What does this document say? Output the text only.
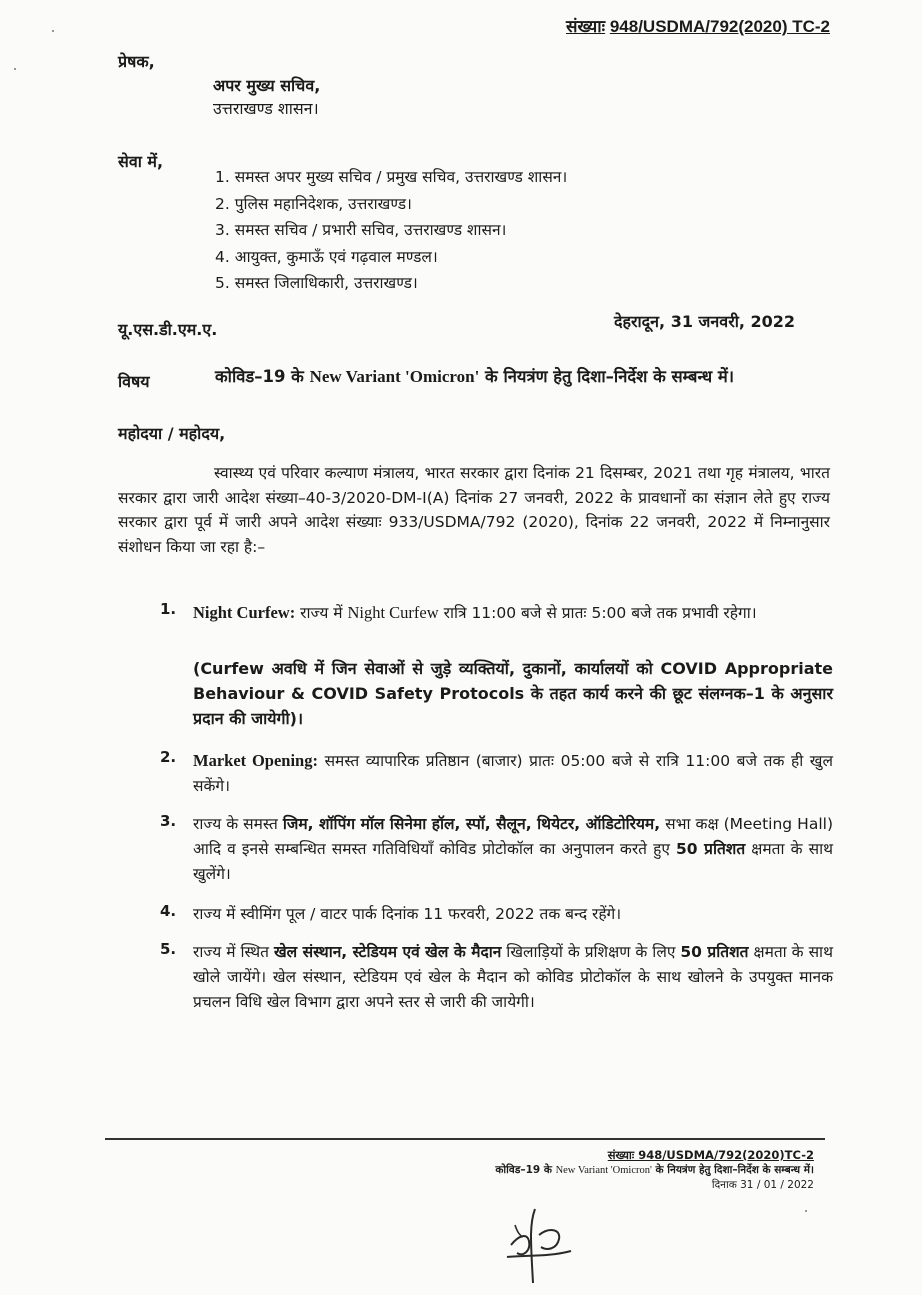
संख्याः 948/USDMA/792(2020) TC-2
प्रेषक,
अपर मुख्य सचिव,
उत्तराखण्ड शासन।
सेवा में,
1. समस्त अपर मुख्य सचिव / प्रमुख सचिव, उत्तराखण्ड शासन।
2. पुलिस महानिदेशक, उत्तराखण्ड।
3. समस्त सचिव / प्रभारी सचिव, उत्तराखण्ड शासन।
4. आयुक्त, कुमाऊँ एवं गढ़वाल मण्डल।
5. समस्त जिलाधिकारी, उत्तराखण्ड।
यू.एस.डी.एम.ए.	देहरादून, 31 जनवरी, 2022
विषय	कोविड–19 के New Variant 'Omicron' के नियत्रंण हेतु दिशा–निर्देश के सम्बन्ध में।
महोदया / महोदय,
स्वास्थ्य एवं परिवार कल्याण मंत्रालय, भारत सरकार द्वारा दिनांक 21 दिसम्बर, 2021 तथा गृह मंत्रालय, भारत सरकार द्वारा जारी आदेश संख्या–40-3/2020-DM-I(A) दिनांक 27 जनवरी, 2022 के प्रावधानों का संज्ञान लेते हुए राज्य सरकार द्वारा पूर्व में जारी अपने आदेश संख्याः 933/USDMA/792 (2020), दिनांक 22 जनवरी, 2022 में निम्नानुसार संशोधन किया जा रहा है:–
1. Night Curfew: राज्य में Night Curfew रात्रि 11:00 बजे से प्रातः 5:00 बजे तक प्रभावी रहेगा।
(Curfew अवधि में जिन सेवाओं से जुड़े व्यक्तियों, दुकानों, कार्यालयों को COVID Appropriate Behaviour & COVID Safety Protocols के तहत कार्य करने की छूट संलग्नक–1 के अनुसार प्रदान की जायेगी)।
2. Market Opening: समस्त व्यापारिक प्रतिष्ठान (बाजार) प्रातः 05:00 बजे से रात्रि 11:00 बजे तक ही खुल सकेंगे।
3. राज्य के समस्त जिम, शॉपिंग मॉल सिनेमा हॉल, स्पॉ, सैलून, थियेटर, ऑडिटोरियम, सभा कक्ष (Meeting Hall) आदि व इनसे सम्बन्धित समस्त गतिविधियाँ कोविड प्रोटोकॉल का अनुपालन करते हुए 50 प्रतिशत क्षमता के साथ खुलेंगे।
4. राज्य में स्वीमिंग पूल / वाटर पार्क दिनांक 11 फरवरी, 2022 तक बन्द रहेंगे।
5. राज्य में स्थित खेल संस्थान, स्टेडियम एवं खेल के मैदान खिलाड़ियों के प्रशिक्षण के लिए 50 प्रतिशत क्षमता के साथ खोले जायेंगे। खेल संस्थान, स्टेडियम एवं खेल के मैदान को कोविड प्रोटोकॉल के साथ खोलने के उपयुक्त मानक प्रचलन विधि खेल विभाग द्वारा अपने स्तर से जारी की जायेगी।
संख्याः 948/USDMA/792(2020)TC-2
कोविड–19 के New Variant 'Omicron' के नियत्रंण हेतु दिशा–निर्देश के सम्बन्ध में।
दिनाक 31 / 01 / 2022
